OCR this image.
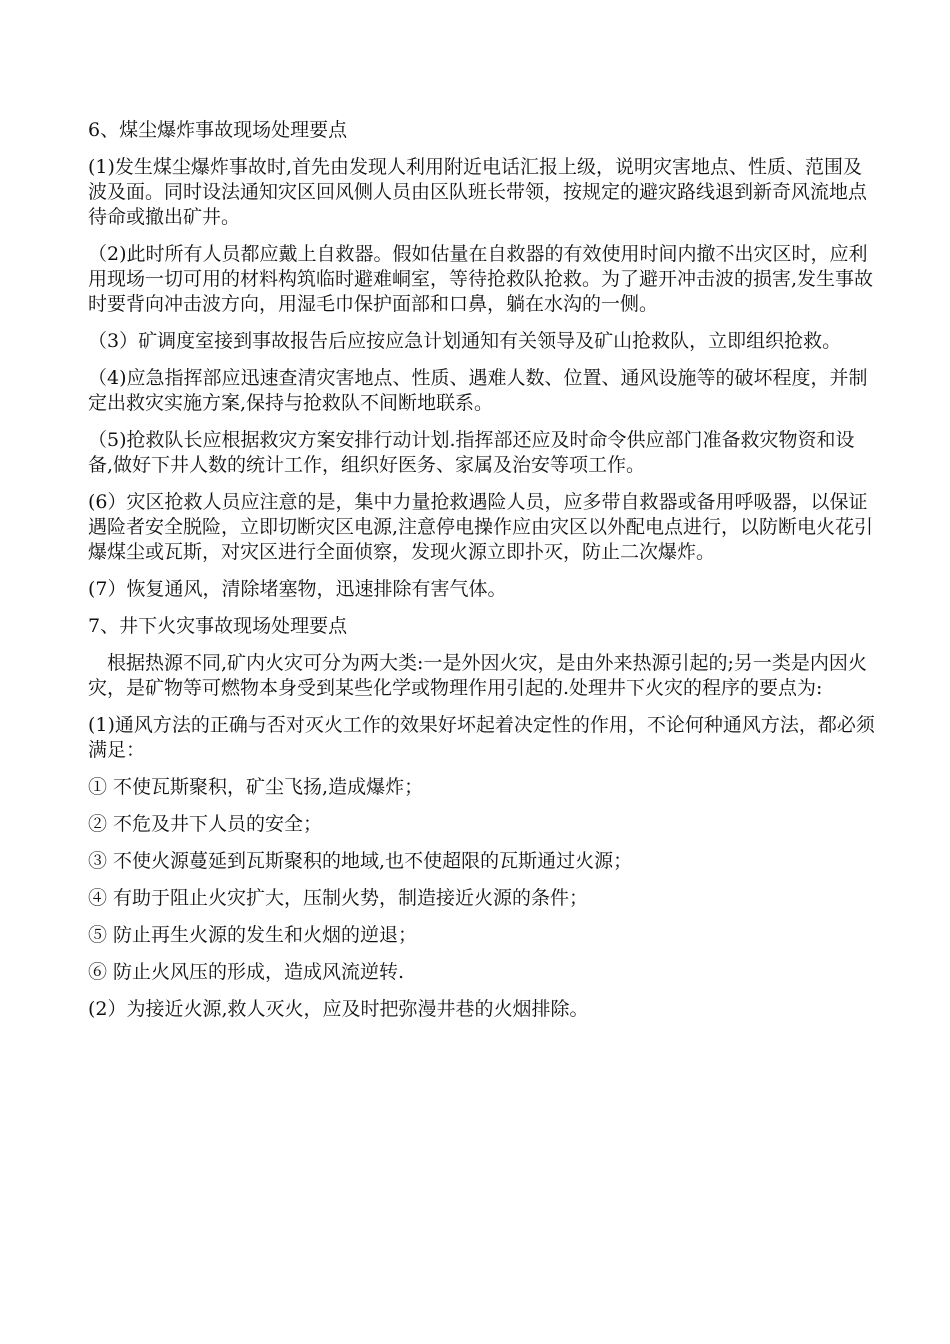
6、煤尘爆炸事故现场处理要点

(1)发生煤尘爆炸事故时,首先由发现人利用附近电话汇报上级，说明灾害地点、性质、范围及波及面。同时设法通知灾区回风侧人员由区队班长带领，按规定的避灾路线退到新奇风流地点待命或撤出矿井。

（2)此时所有人员都应戴上自救器。假如估量在自救器的有效使用时间内撤不出灾区时，应利用现场一切可用的材料构筑临时避难峒室，等待抢救队抢救。为了避开冲击波的损害,发生事故时要背向冲击波方向，用湿毛巾保护面部和口鼻，躺在水沟的一侧。

（3）矿调度室接到事故报告后应按应急计划通知有关领导及矿山抢救队，立即组织抢救。

（4)应急指挥部应迅速查清灾害地点、性质、遇难人数、位置、通风设施等的破坏程度，并制定出救灾实施方案,保持与抢救队不间断地联系。

（5)抢救队长应根据救灾方案安排行动计划.指挥部还应及时命令供应部门准备救灾物资和设备,做好下井人数的统计工作，组织好医务、家属及治安等项工作。

(6）灾区抢救人员应注意的是，集中力量抢救遇险人员，应多带自救器或备用呼吸器，以保证遇险者安全脱险，立即切断灾区电源,注意停电操作应由灾区以外配电点进行，以防断电火花引爆煤尘或瓦斯，对灾区进行全面侦察，发现火源立即扑灭，防止二次爆炸。

(7）恢复通风，清除堵塞物，迅速排除有害气体。

7、井下火灾事故现场处理要点

根据热源不同,矿内火灾可分为两大类:一是外因火灾，是由外来热源引起的;另一类是内因火灾，是矿物等可燃物本身受到某些化学或物理作用引起的.处理井下火灾的程序的要点为:

(1)通风方法的正确与否对灭火工作的效果好坏起着决定性的作用，不论何种通风方法，都必须满足：

① 不使瓦斯聚积，矿尘飞扬,造成爆炸；

② 不危及井下人员的安全；

③ 不使火源蔓延到瓦斯聚积的地域,也不使超限的瓦斯通过火源；

④ 有助于阻止火灾扩大，压制火势，制造接近火源的条件；

⑤ 防止再生火源的发生和火烟的逆退；

⑥ 防止火风压的形成，造成风流逆转.

(2）为接近火源,救人灭火，应及时把弥漫井巷的火烟排除。
